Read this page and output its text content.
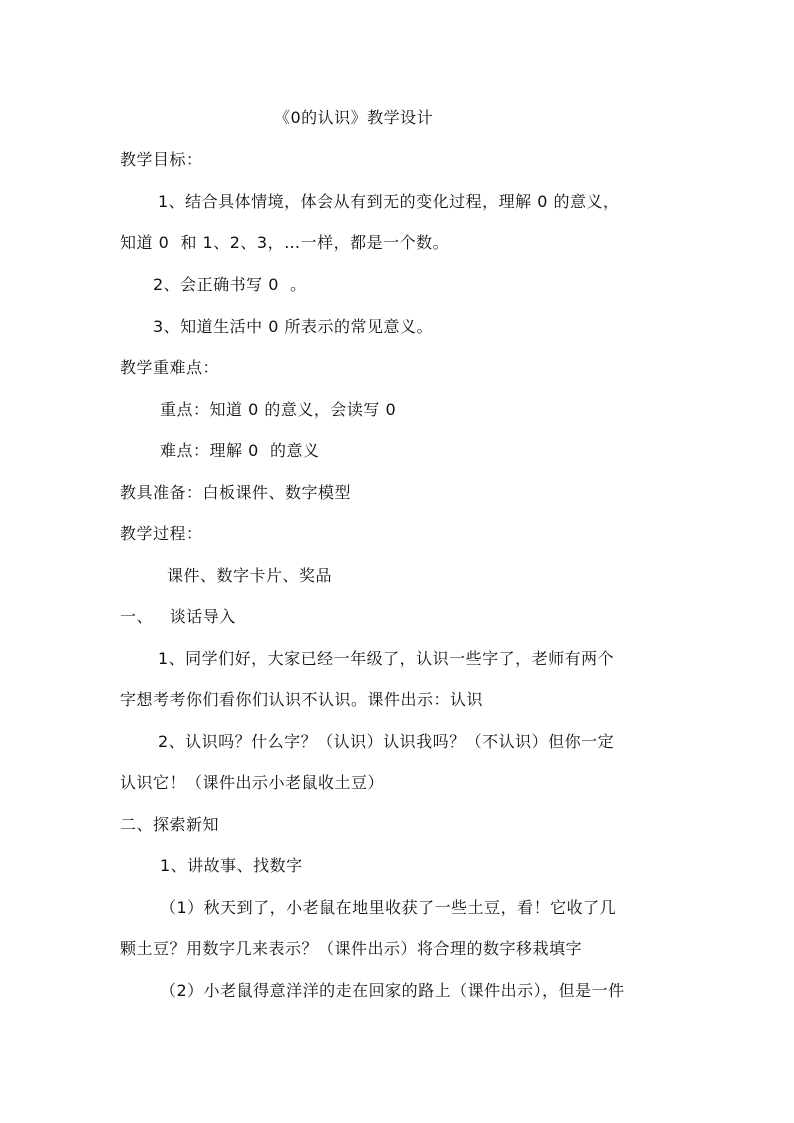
《0的认识》教学设计
教学目标：
1、结合具体情境，体会从有到无的变化过程，理解 0 的意义，
知道 0  和 1、2、3，…一样，都是一个数。
2、会正确书写 0  。
3、知道生活中 0 所表示的常见意义。
教学重难点：
重点：知道 0 的意义，会读写 0
难点：理解 0  的意义
教具准备：白板课件、数字模型
教学过程：
课件、数字卡片、奖品
一、   谈话导入
1、同学们好，大家已经一年级了，认识一些字了，老师有两个
字想考考你们看你们认识不认识。课件出示：认识
2、认识吗？什么字？（认识）认识我吗？（不认识）但你一定
认识它！（课件出示小老鼠收土豆）
二、探索新知
1、讲故事、找数字
（1）秋天到了，小老鼠在地里收获了一些土豆，看！它收了几
颗土豆？用数字几来表示？（课件出示）将合理的数字移栽填字
（2）小老鼠得意洋洋的走在回家的路上（课件出示），但是一件
